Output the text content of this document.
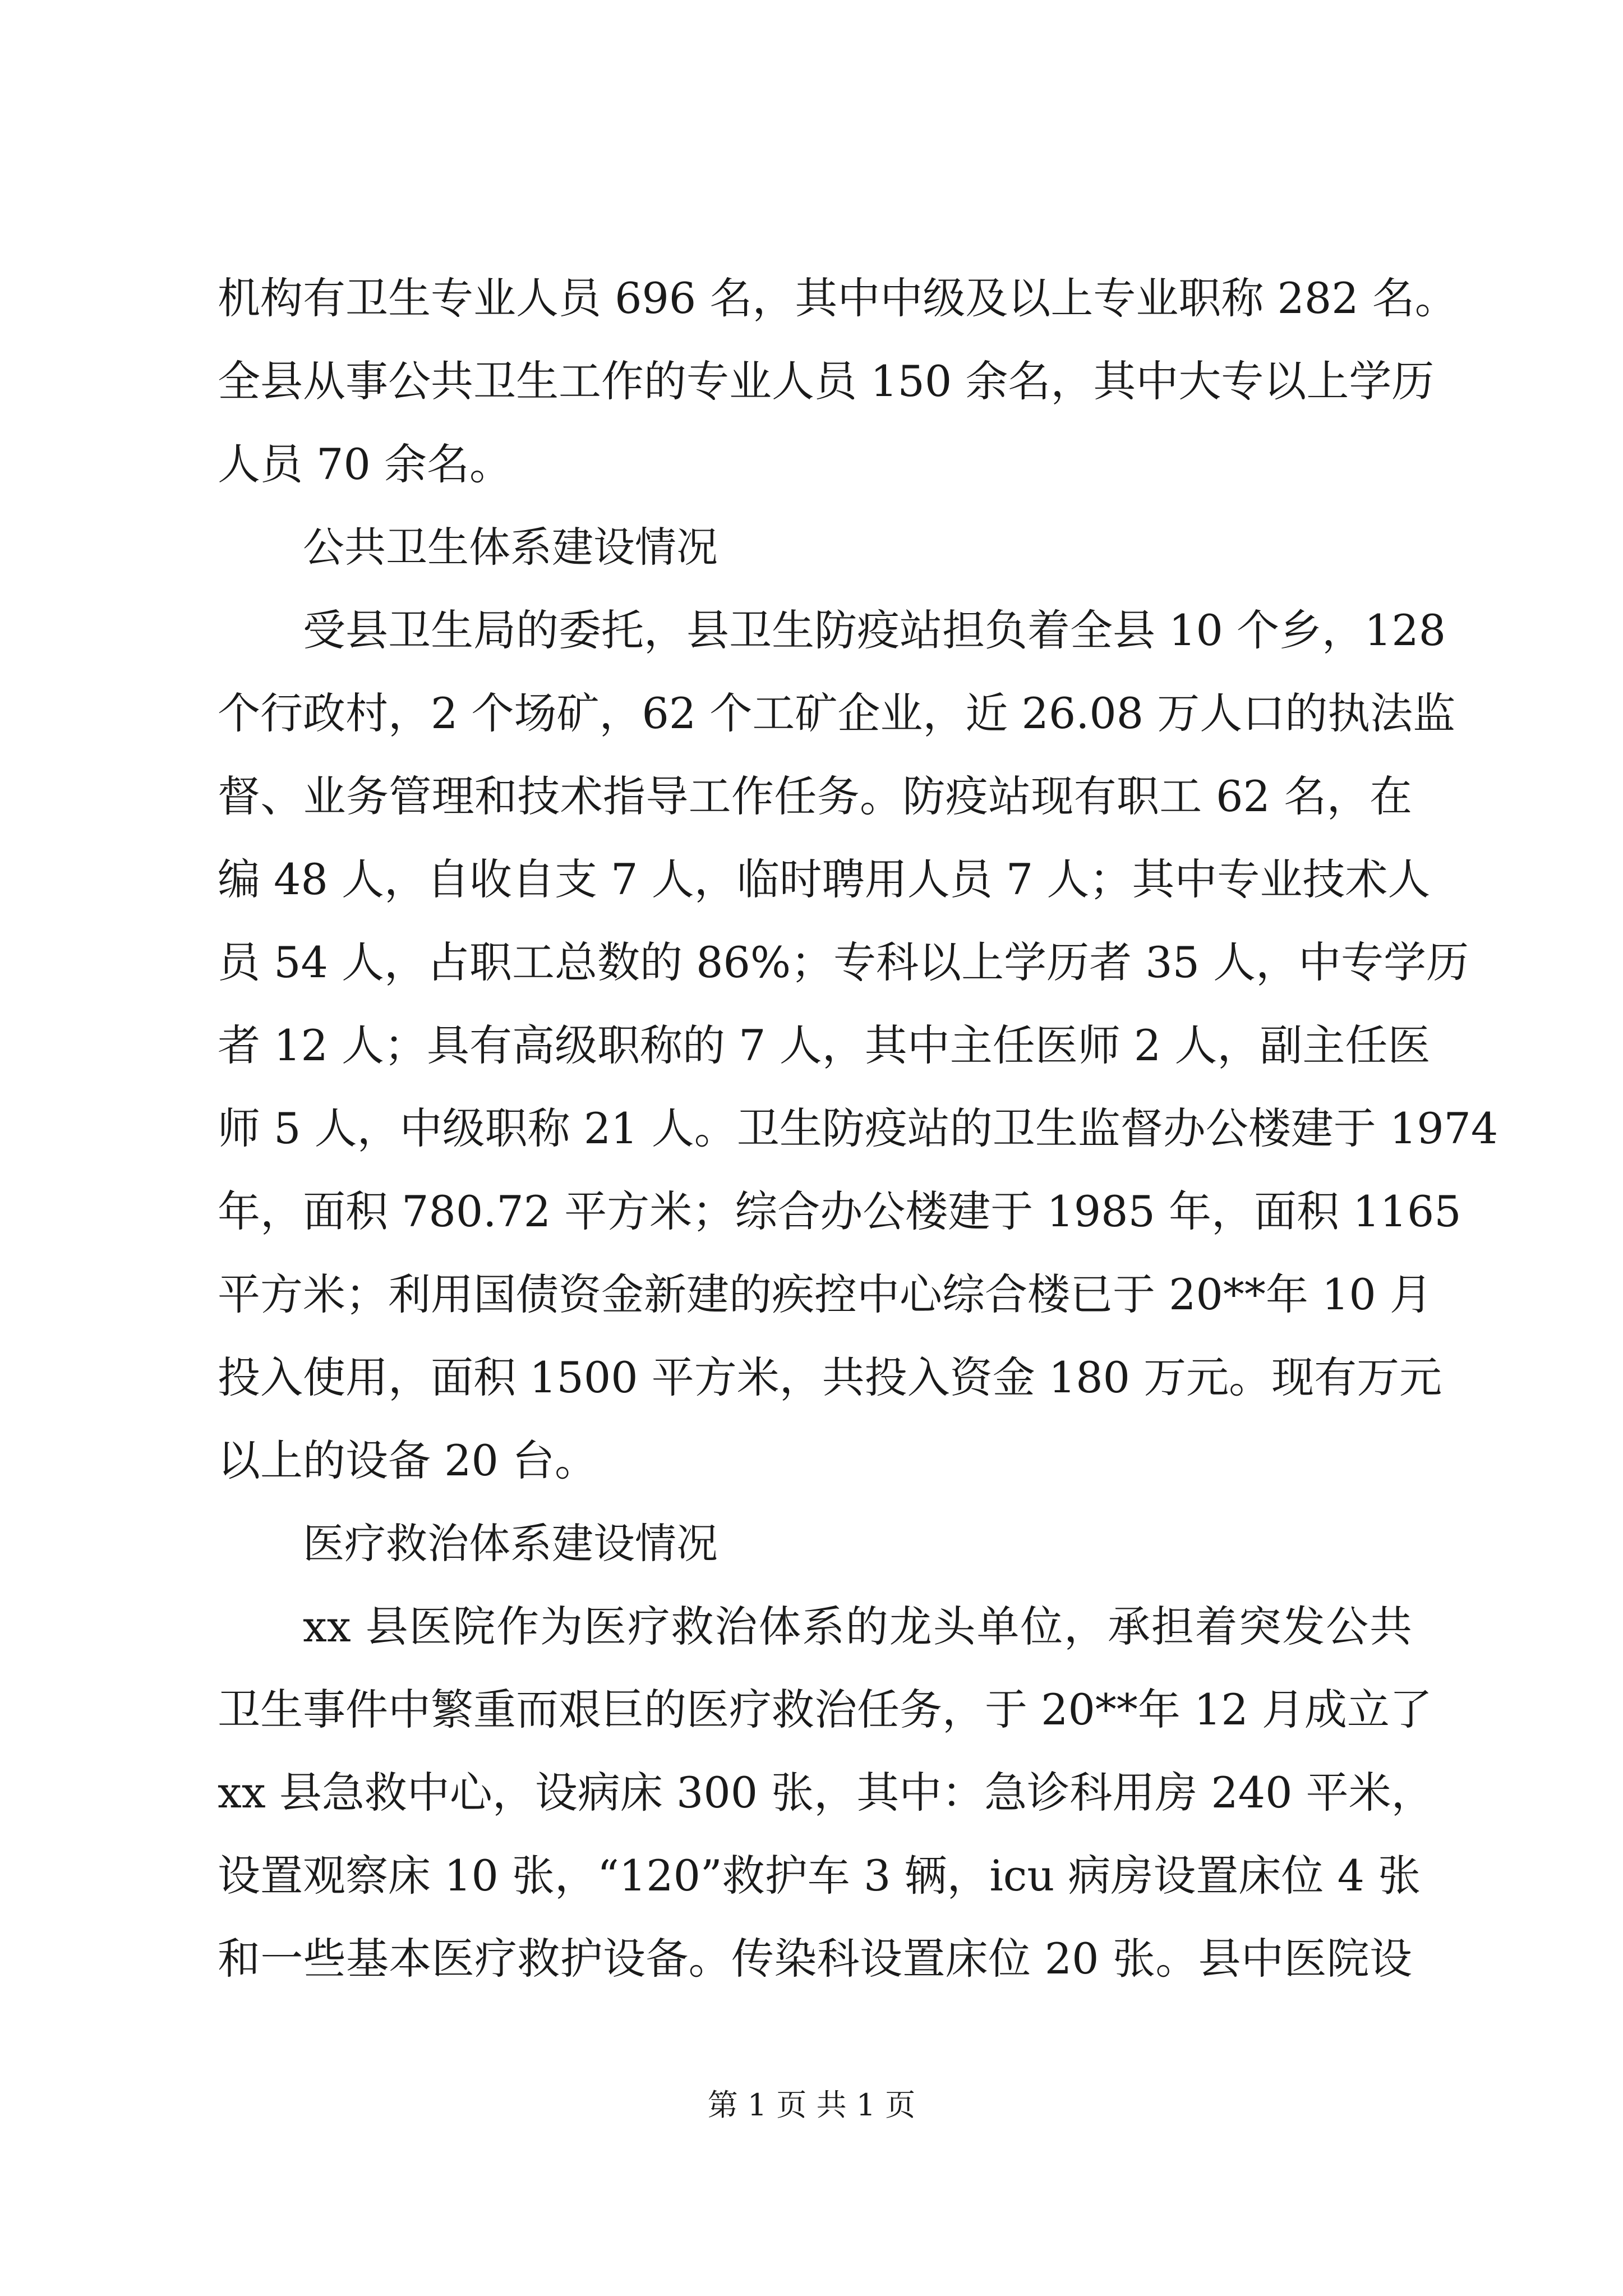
机构有卫生专业人员 696 名，其中中级及以上专业职称 282 名。
全县从事公共卫生工作的专业人员 150 余名，其中大专以上学历
人员 70 余名。
公共卫生体系建设情况
受县卫生局的委托，县卫生防疫站担负着全县 10 个乡，128
个行政村，2 个场矿，62 个工矿企业，近 26.08 万人口的执法监
督、业务管理和技术指导工作任务。防疫站现有职工 62 名，在
编 48 人，自收自支 7 人，临时聘用人员 7 人；其中专业技术人
员 54 人，占职工总数的 86%；专科以上学历者 35 人，中专学历
者 12 人；具有高级职称的 7 人，其中主任医师 2 人，副主任医
师 5 人，中级职称 21 人。卫生防疫站的卫生监督办公楼建于 1974
年，面积 780.72 平方米；综合办公楼建于 1985 年，面积 1165
平方米；利用国债资金新建的疾控中心综合楼已于 20**年 10 月
投入使用，面积 1500 平方米，共投入资金 180 万元。现有万元
以上的设备 20 台。
医疗救治体系建设情况
xx 县医院作为医疗救治体系的龙头单位，承担着突发公共
卫生事件中繁重而艰巨的医疗救治任务，于 20**年 12 月成立了
xx 县急救中心，设病床 300 张，其中：急诊科用房 240 平米，
设置观察床 10 张，“120”救护车 3 辆，icu 病房设置床位 4 张
和一些基本医疗救护设备。传染科设置床位 20 张。县中医院设
第 1 页 共 1 页
